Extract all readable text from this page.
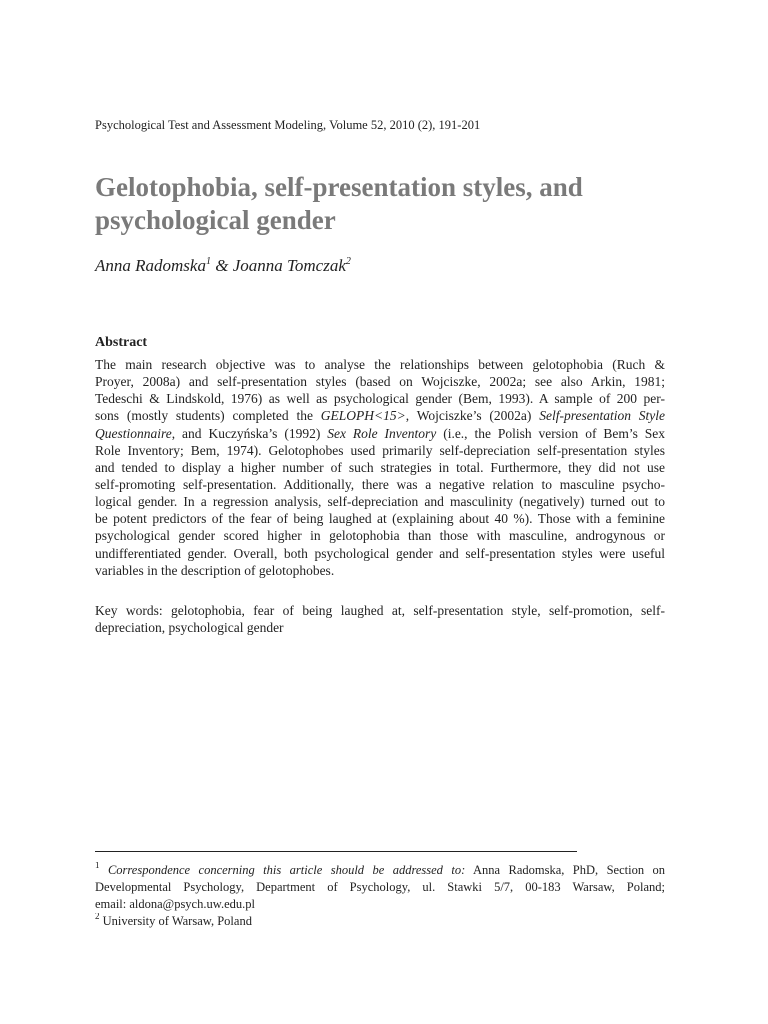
Psychological Test and Assessment Modeling, Volume 52, 2010 (2), 191-201
Gelotophobia, self-presentation styles, and psychological gender
Anna Radomska$^1$ & Joanna Tomczak$^2$
Abstract
The main research objective was to analyse the relationships between gelotophobia (Ruch &
Proyer, 2008a) and self-presentation styles (based on Wojciszke, 2002a; see also Arkin, 1981;
Tedeschi & Lindskold, 1976) as well as psychological gender (Bem, 1993). A sample of 200 per-
sons (mostly students) completed the GELOPH<15>, Wojciszke’s (2002a) Self-presentation Style
Questionnaire, and Kuczyńska’s (1992) Sex Role Inventory (i.e., the Polish version of Bem’s Sex
Role Inventory; Bem, 1974). Gelotophobes used primarily self-depreciation self-presentation styles
and tended to display a higher number of such strategies in total. Furthermore, they did not use
self-promoting self-presentation. Additionally, there was a negative relation to masculine psycho-
logical gender. In a regression analysis, self-depreciation and masculinity (negatively) turned out to
be potent predictors of the fear of being laughed at (explaining about 40 %). Those with a feminine
psychological gender scored higher in gelotophobia than those with masculine, androgynous or
undifferentiated gender. Overall, both psychological gender and self-presentation styles were useful
variables in the description of gelotophobes.
Key words: gelotophobia, fear of being laughed at, self-presentation style, self-promotion, self-
depreciation, psychological gender
$^1$ Correspondence concerning this article should be addressed to: Anna Radomska, PhD, Section on
Developmental Psychology, Department of Psychology, ul. Stawki 5/7, 00-183 Warsaw, Poland;
email: aldona@psych.uw.edu.pl
$^2$ University of Warsaw, Poland
